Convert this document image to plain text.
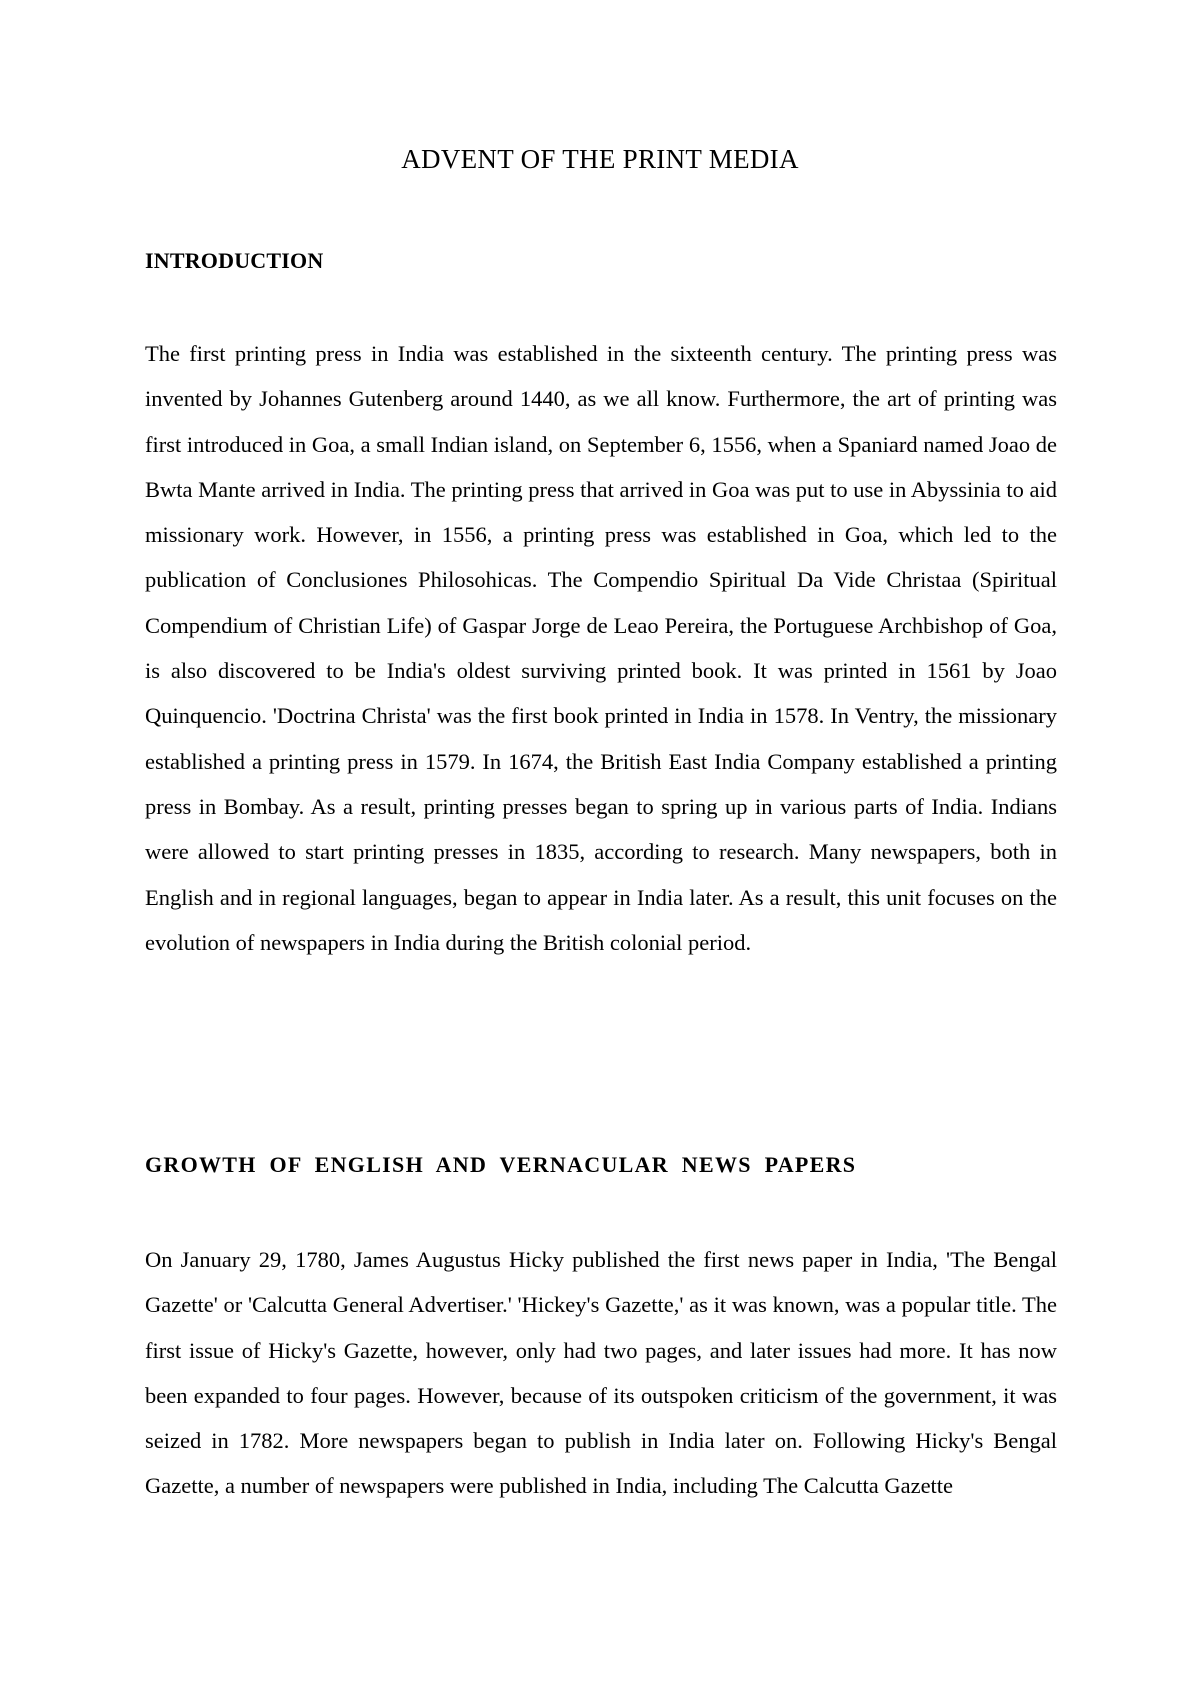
ADVENT OF THE PRINT MEDIA
INTRODUCTION

The first printing press in India was established in the sixteenth century. The printing press was invented by Johannes Gutenberg around 1440, as we all know. Furthermore, the art of printing was first introduced in Goa, a small Indian island, on September 6, 1556, when a Spaniard named Joao de Bwta Mante arrived in India. The printing press that arrived in Goa was put to use in Abyssinia to aid missionary work. However, in 1556, a printing press was established in Goa, which led to the publication of Conclusiones Philosohicas. The Compendio Spiritual Da Vide Christaa (Spiritual Compendium of Christian Life) of Gaspar Jorge de Leao Pereira, the Portuguese Archbishop of Goa, is also discovered to be India's oldest surviving printed book. It was printed in 1561 by Joao Quinquencio. 'Doctrina Christa' was the first book printed in India in 1578. In Ventry, the missionary established a printing press in 1579. In 1674, the British East India Company established a printing press in Bombay. As a result, printing presses began to spring up in various parts of India. Indians were allowed to start printing presses in 1835, according to research. Many newspapers, both in English and in regional languages, began to appear in India later. As a result, this unit focuses on the evolution of newspapers in India during the British colonial period.

GROWTH OF ENGLISH AND VERNACULAR NEWS PAPERS

On January 29, 1780, James Augustus Hicky published the first news paper in India, 'The Bengal Gazette' or 'Calcutta General Advertiser.' 'Hickey's Gazette,' as it was known, was a popular title. The first issue of Hicky's Gazette, however, only had two pages, and later issues had more. It has now been expanded to four pages. However, because of its outspoken criticism of the government, it was seized in 1782. More newspapers began to publish in India later on. Following Hicky's Bengal Gazette, a number of newspapers were published in India, including The Calcutta Gazette
